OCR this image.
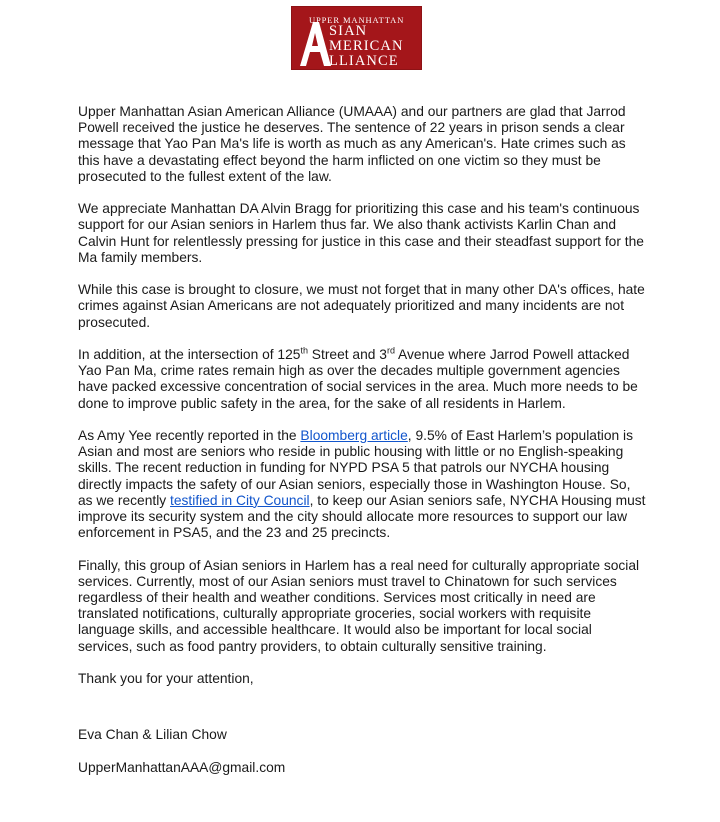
UPPER MANHATTAN
SIAN
MERICAN
LLIANCE

Upper Manhattan Asian American Alliance (UMAAA) and our partners are glad that Jarrod Powell received the justice he deserves. The sentence of 22 years in prison sends a clear message that Yao Pan Ma's life is worth as much as any American's. Hate crimes such as this have a devastating effect beyond the harm inflicted on one victim so they must be prosecuted to the fullest extent of the law.

We appreciate Manhattan DA Alvin Bragg for prioritizing this case and his team's continuous support for our Asian seniors in Harlem thus far. We also thank activists Karlin Chan and Calvin Hunt for relentlessly pressing for justice in this case and their steadfast support for the Ma family members.

While this case is brought to closure, we must not forget that in many other DA's offices, hate crimes against Asian Americans are not adequately prioritized and many incidents are not prosecuted.

In addition, at the intersection of 125th Street and 3rd Avenue where Jarrod Powell attacked Yao Pan Ma, crime rates remain high as over the decades multiple government agencies have packed excessive concentration of social services in the area. Much more needs to be done to improve public safety in the area, for the sake of all residents in Harlem.

As Amy Yee recently reported in the Bloomberg article, 9.5% of East Harlem’s population is Asian and most are seniors who reside in public housing with little or no English-speaking skills. The recent reduction in funding for NYPD PSA 5 that patrols our NYCHA housing directly impacts the safety of our Asian seniors, especially those in Washington House. So, as we recently testified in City Council, to keep our Asian seniors safe, NYCHA Housing must improve its security system and the city should allocate more resources to support our law enforcement in PSA5, and the 23 and 25 precincts.

Finally, this group of Asian seniors in Harlem has a real need for culturally appropriate social services. Currently, most of our Asian seniors must travel to Chinatown for such services regardless of their health and weather conditions. Services most critically in need are translated notifications, culturally appropriate groceries, social workers with requisite language skills, and accessible healthcare. It would also be important for local social services, such as food pantry providers, to obtain culturally sensitive training.

Thank you for your attention,

Eva Chan & Lilian Chow

UpperManhattanAAA@gmail.com
